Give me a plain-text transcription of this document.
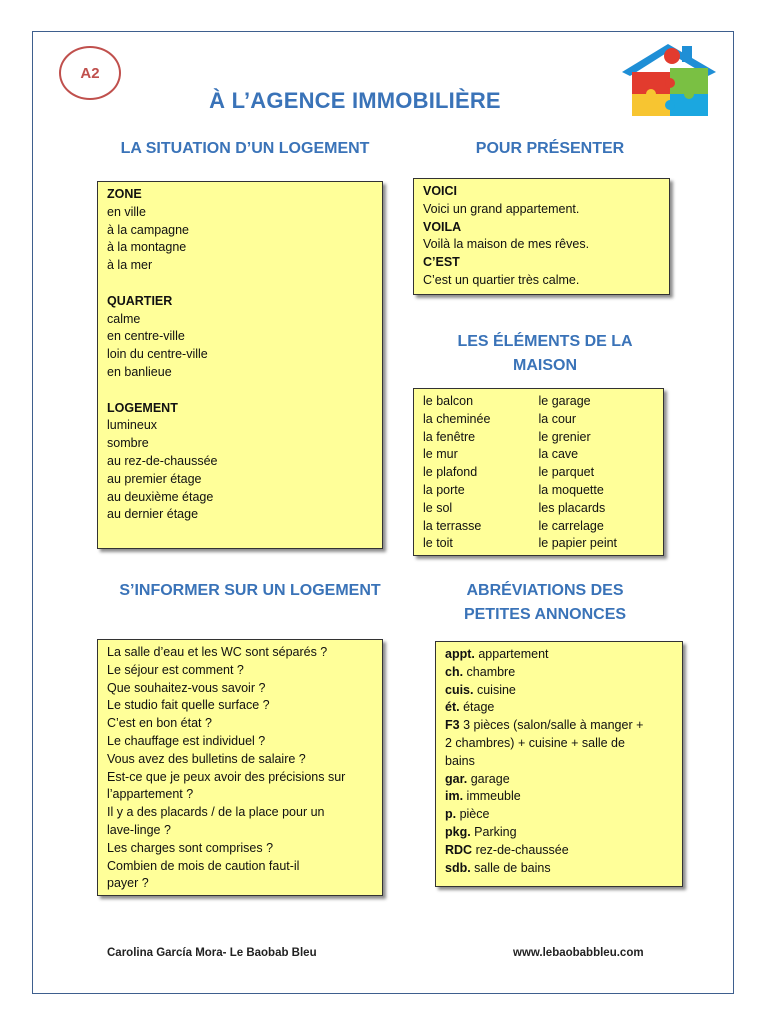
A2
À L’AGENCE IMMOBILIÈRE
LA SITUATION D’UN LOGEMENT
ZONE
en ville
à la campagne
à la montagne
à la mer
QUARTIER
calme
en centre-ville
loin du centre-ville
en banlieue
LOGEMENT
lumineux
sombre
au rez-de-chaussée
au premier étage
au deuxième étage
au dernier étage
POUR PRÉSENTER
VOICI
Voici un grand appartement.
VOILA
Voilà la maison de mes rêves.
C’EST
C’est un quartier très calme.
LES ÉLÉMENTS DE LA
MAISON
le balcon
la cheminée
la fenêtre
le mur
le plafond
la porte
le sol
la terrasse
le toit
le garage
la cour
le grenier
la cave
le parquet
la moquette
les placards
le carrelage
le papier peint
S’INFORMER SUR UN LOGEMENT
La salle d’eau et les WC sont séparés ?
Le séjour est comment ?
Que souhaitez-vous savoir ?
Le studio fait quelle surface ?
C’est en bon état ?
Le chauffage est individuel ?
Vous avez des bulletins de salaire ?
Est-ce que je peux avoir des précisions sur
l’appartement ?
Il y a des placards / de la place pour un
lave-linge ?
Les charges sont comprises ?
Combien de mois de caution faut-il
payer ?
ABRÉVIATIONS DES
PETITES ANNONCES
appt. appartement
ch. chambre
cuis. cuisine
ét. étage
F3 3 pièces (salon/salle à manger +
2 chambres) + cuisine + salle de
bains
gar. garage
im. immeuble
p. pièce
pkg. Parking
RDC rez-de-chaussée
sdb. salle de bains
Carolina García Mora- Le Baobab Bleu	www.lebaobabbleu.com
